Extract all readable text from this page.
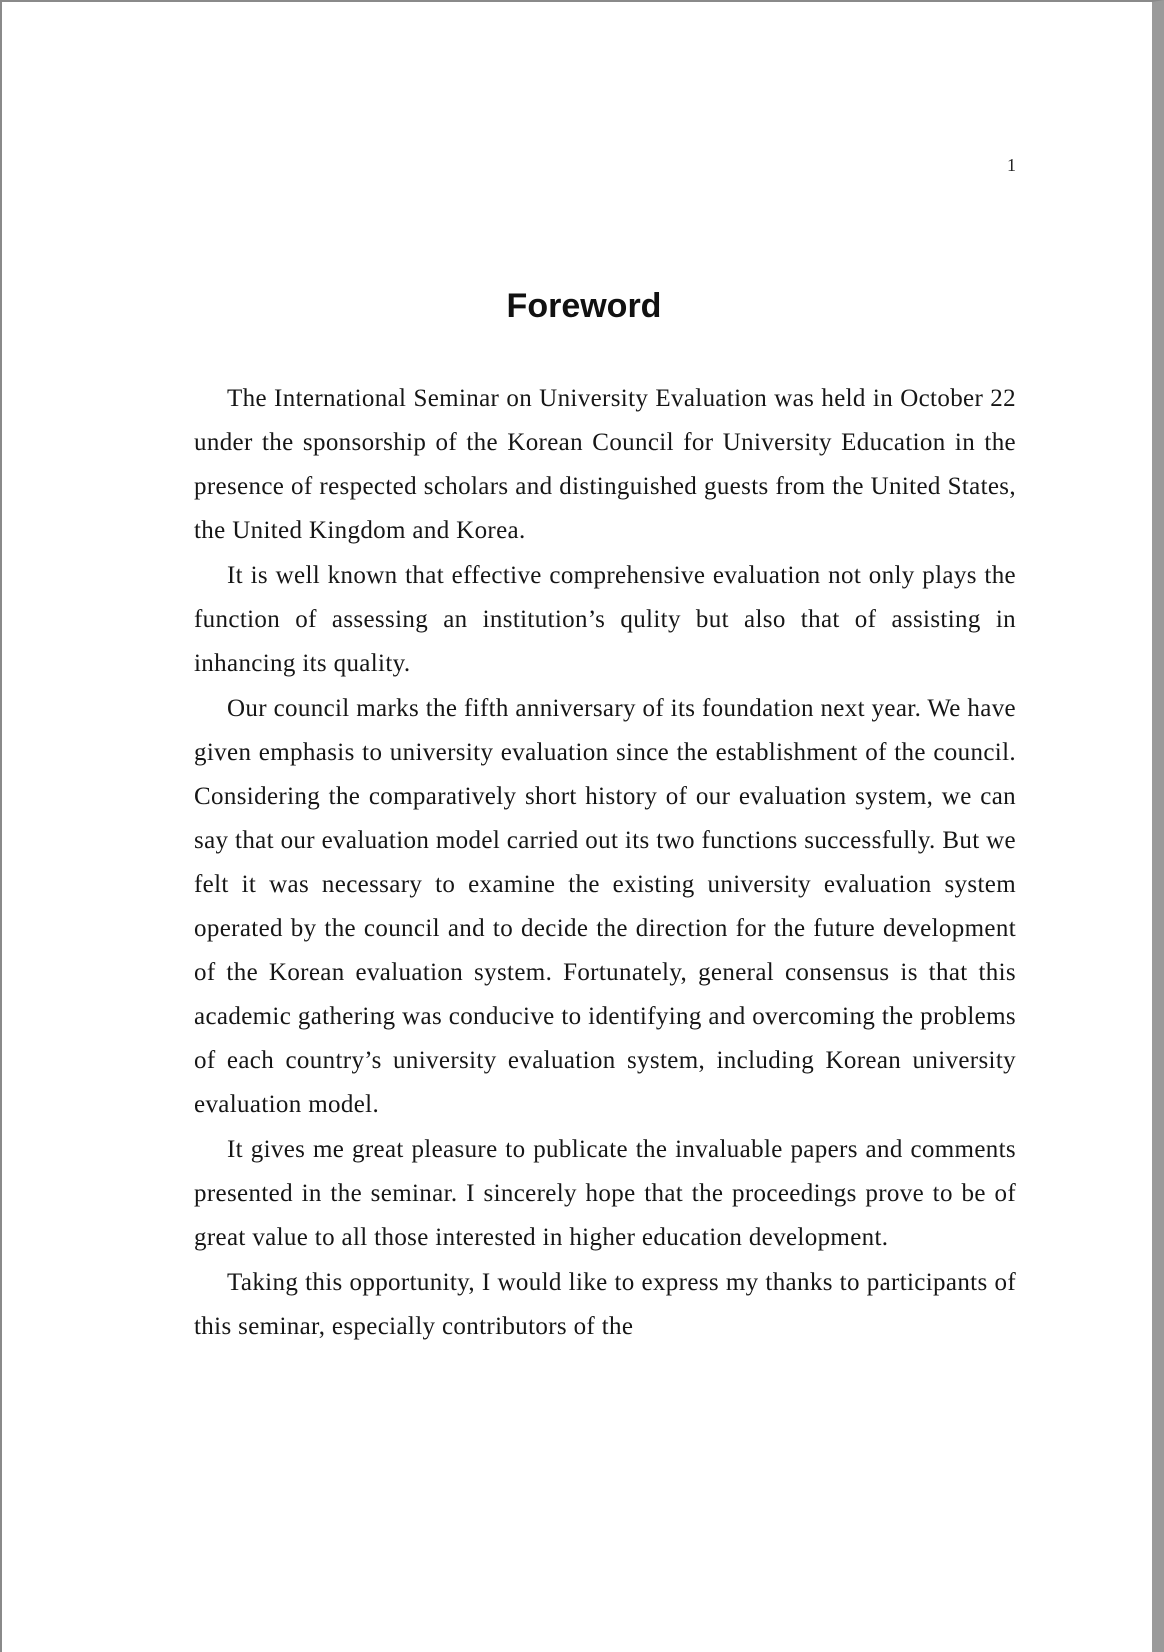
1
Foreword

The International Seminar on University Evaluation was held in October 22 under the sponsorship of the Korean Council for University Education in the presence of respected scholars and distinguished guests from the United States, the United Kingdom and Korea.

It is well known that effective comprehensive evaluation not only plays the function of assessing an institution’s qulity but also that of assisting in inhancing its quality.

Our council marks the fifth anniversary of its foundation next year. We have given emphasis to university evaluation since the establishment of the council. Considering the comparatively short history of our evaluation system, we can say that our evaluation model carried out its two functions successfully. But we felt it was necessary to examine the existing university evaluation system operated by the council and to decide the direction for the future development of the Korean evaluation system. Fortunately, general consensus is that this academic gathering was conducive to identifying and overcoming the problems of each country’s university evaluation system, including Korean university evaluation model.

It gives me great pleasure to publicate the invaluable papers and comments presented in the seminar. I sincerely hope that the proceedings prove to be of great value to all those interested in higher education development.

Taking this opportunity, I would like to express my thanks to participants of this seminar, especially contributors of the
